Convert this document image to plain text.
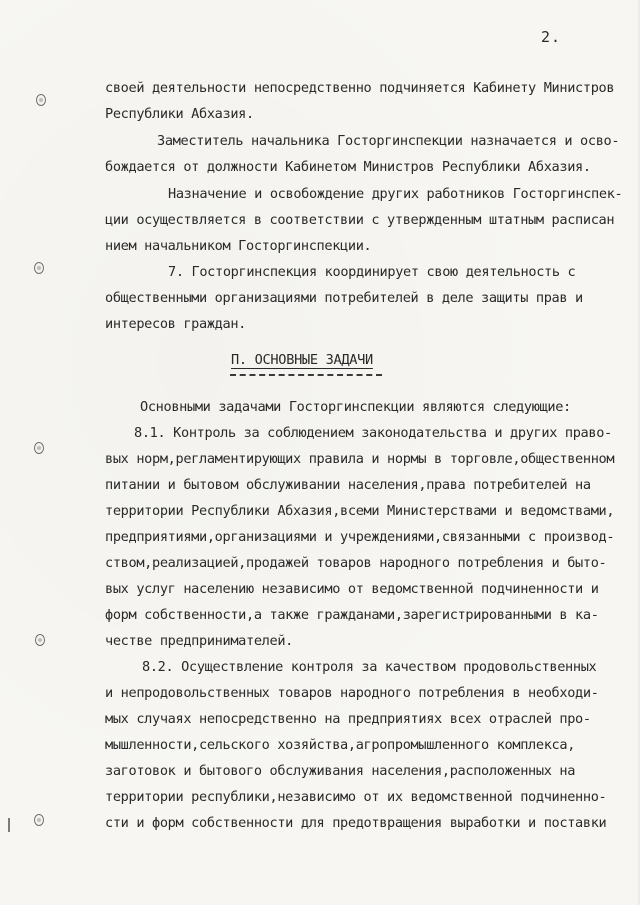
2.
своей деятельности непосредственно подчиняется Кабинету Министров
Республики Абхазия.
Заместитель начальника Госторгинспекции назначается и осво-
бождается от должности Кабинетом Министров Республики Абхазия.
Назначение и освобождение других работников Госторгинспек-
ции осуществляется в соответствии с утвержденным штатным расписан
нием начальником Госторгинспекции.
7. Госторгинспекция координирует свою деятельность с
общественными организациями потребителей в деле защиты прав и
интересов граждан.
П. ОСНОВНЫЕ ЗАДАЧИ
Основными задачами Госторгинспекции являются следующие:
8.1. Контроль за соблюдением законодательства и других право-
вых норм,регламентирующих правила и нормы в торговле,общественном
питании и бытовом обслуживании населения,права потребителей на
территории Республики Абхазия,всеми Министерствами и ведомствами,
предприятиями,организациями и учреждениями,связанными с производ-
ством,реализацией,продажей товаров народного потребления и быто-
вых услуг населению независимо от ведомственной подчиненности и
форм собственности,а также гражданами,зарегистрированными в ка-
честве предпринимателей.
8.2. Осуществление контроля за качеством продовольственных
и непродовольственных товаров народного потребления в необходи-
мых случаях непосредственно на предприятиях всех отраслей про-
мышленности,сельского хозяйства,агропромышленного комплекса,
заготовок и бытового обслуживания населения,расположенных на
территории республики,независимо от их ведомственной подчиненно-
сти и форм собственности для предотвращения выработки и поставки
